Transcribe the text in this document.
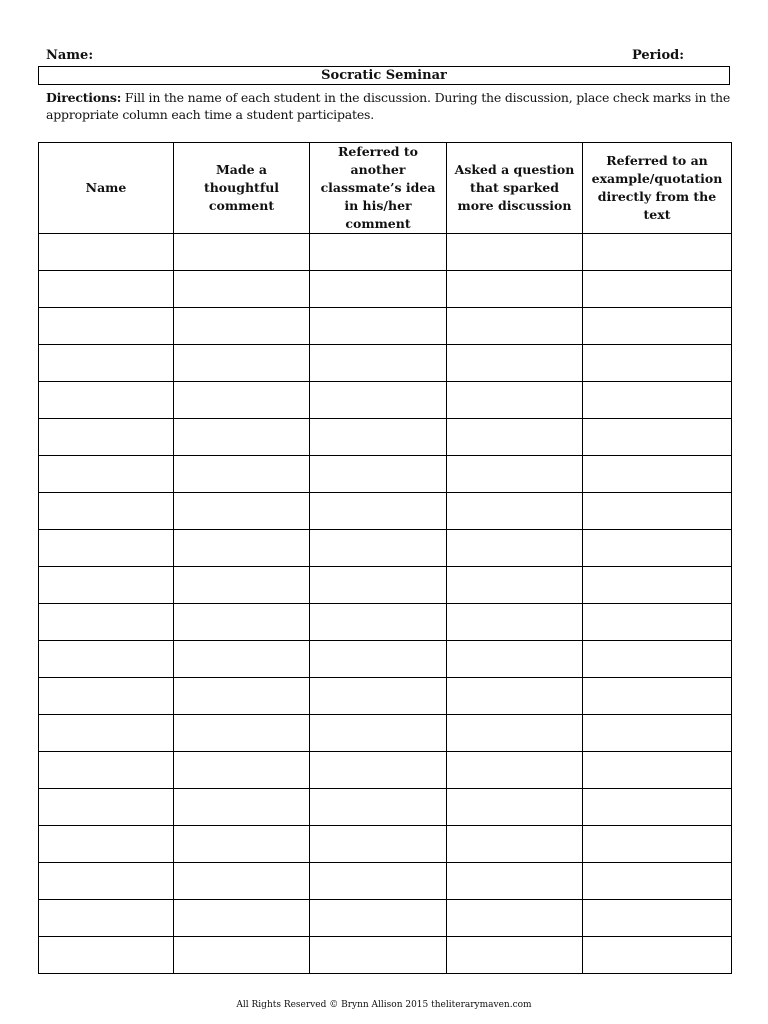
Name:	Period:
Socratic Seminar
Directions: Fill in the name of each student in the discussion. During the discussion, place check marks in the appropriate column each time a student participates.
Name	Made a thoughtful comment	Referred to another classmate’s idea in his/her comment	Asked a question that sparked more discussion	Referred to an example/quotation directly from the text

All Rights Reserved © Brynn Allison 2015 theliterarymaven.com
